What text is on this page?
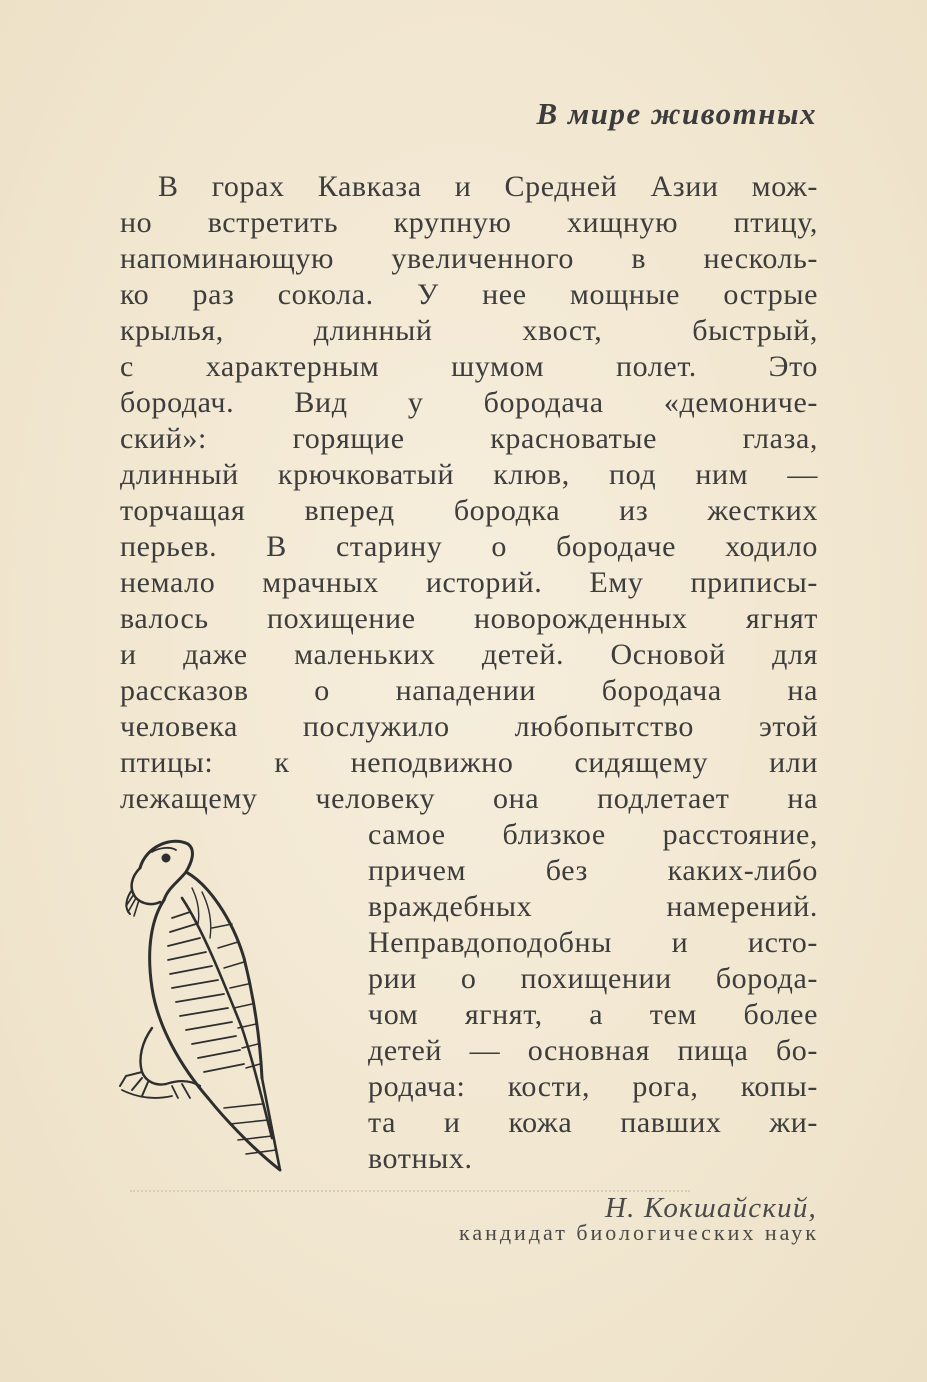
В мире животных
В горах Кавказа и Средней Азии мож-
но встретить крупную хищную птицу,
напоминающую увеличенного в несколь-
ко раз сокола. У нее мощные острые
крылья, длинный хвост, быстрый,
с характерным шумом полет. Это
бородач. Вид у бородача «демониче-
ский»: горящие красноватые глаза,
длинный крючковатый клюв, под ним —
торчащая вперед бородка из жестких
перьев. В старину о бородаче ходило
немало мрачных историй. Ему приписы-
валось похищение новорожденных ягнят
и даже маленьких детей. Основой для
рассказов о нападении бородача на
человека послужило любопытство этой
птицы: к неподвижно сидящему или
лежащему человеку она подлетает на
самое близкое расстояние,
причем без каких-либо
враждебных намерений.
Неправдоподобны и исто-
рии о похищении борода-
чом ягнят, а тем более
детей — основная пища бо-
родача: кости, рога, копы-
та и кожа павших жи-
вотных.
Н. Кокшайский,
кандидат биологических наук
